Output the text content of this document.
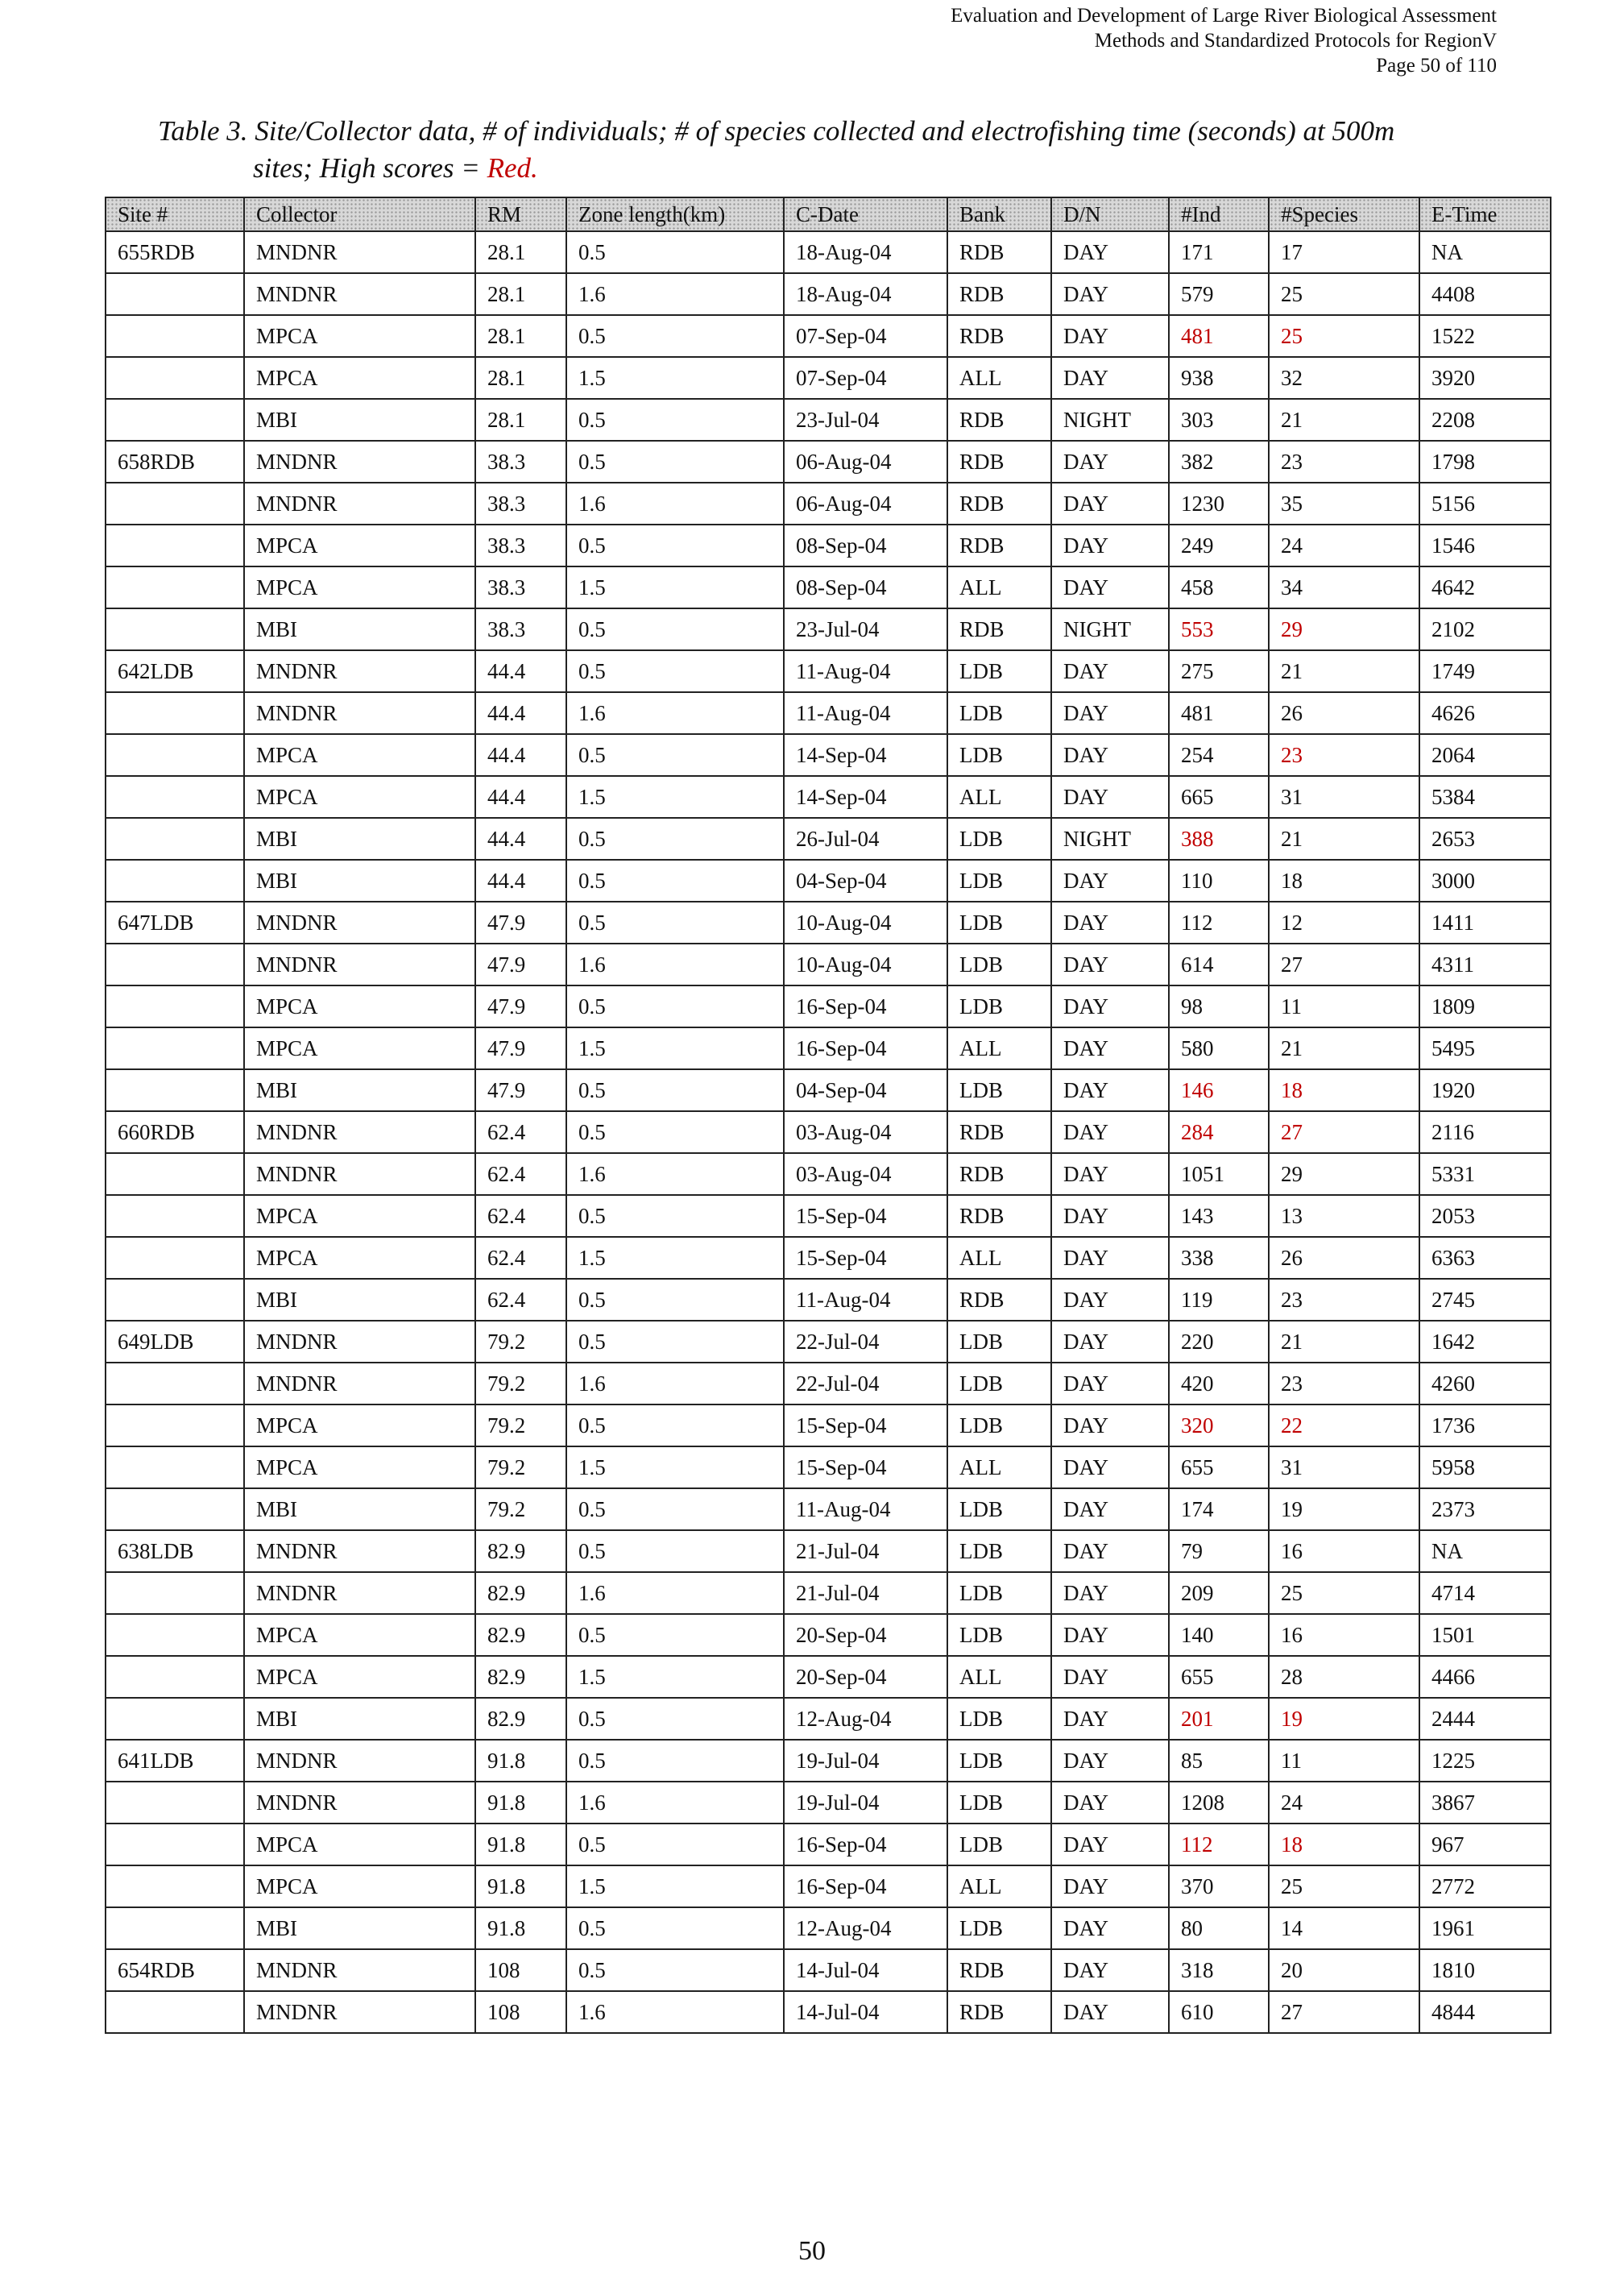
Evaluation and Development of Large River Biological Assessment
Methods and Standardized Protocols for RegionV
Page 50 of 110
Table 3. Site/Collector data, # of individuals; # of species collected and electrofishing time (seconds) at 500m
sites; High scores = Red.
Site #	Collector	RM	Zone length(km)	C-Date	Bank	D/N	#Ind	#Species	E-Time
655RDB	MNDNR	28.1	0.5	18-Aug-04	RDB	DAY	171	17	NA
	MNDNR	28.1	1.6	18-Aug-04	RDB	DAY	579	25	4408
	MPCA	28.1	0.5	07-Sep-04	RDB	DAY	481	25	1522
	MPCA	28.1	1.5	07-Sep-04	ALL	DAY	938	32	3920
	MBI	28.1	0.5	23-Jul-04	RDB	NIGHT	303	21	2208
658RDB	MNDNR	38.3	0.5	06-Aug-04	RDB	DAY	382	23	1798
	MNDNR	38.3	1.6	06-Aug-04	RDB	DAY	1230	35	5156
	MPCA	38.3	0.5	08-Sep-04	RDB	DAY	249	24	1546
	MPCA	38.3	1.5	08-Sep-04	ALL	DAY	458	34	4642
	MBI	38.3	0.5	23-Jul-04	RDB	NIGHT	553	29	2102
642LDB	MNDNR	44.4	0.5	11-Aug-04	LDB	DAY	275	21	1749
	MNDNR	44.4	1.6	11-Aug-04	LDB	DAY	481	26	4626
	MPCA	44.4	0.5	14-Sep-04	LDB	DAY	254	23	2064
	MPCA	44.4	1.5	14-Sep-04	ALL	DAY	665	31	5384
	MBI	44.4	0.5	26-Jul-04	LDB	NIGHT	388	21	2653
	MBI	44.4	0.5	04-Sep-04	LDB	DAY	110	18	3000
647LDB	MNDNR	47.9	0.5	10-Aug-04	LDB	DAY	112	12	1411
	MNDNR	47.9	1.6	10-Aug-04	LDB	DAY	614	27	4311
	MPCA	47.9	0.5	16-Sep-04	LDB	DAY	98	11	1809
	MPCA	47.9	1.5	16-Sep-04	ALL	DAY	580	21	5495
	MBI	47.9	0.5	04-Sep-04	LDB	DAY	146	18	1920
660RDB	MNDNR	62.4	0.5	03-Aug-04	RDB	DAY	284	27	2116
	MNDNR	62.4	1.6	03-Aug-04	RDB	DAY	1051	29	5331
	MPCA	62.4	0.5	15-Sep-04	RDB	DAY	143	13	2053
	MPCA	62.4	1.5	15-Sep-04	ALL	DAY	338	26	6363
	MBI	62.4	0.5	11-Aug-04	RDB	DAY	119	23	2745
649LDB	MNDNR	79.2	0.5	22-Jul-04	LDB	DAY	220	21	1642
	MNDNR	79.2	1.6	22-Jul-04	LDB	DAY	420	23	4260
	MPCA	79.2	0.5	15-Sep-04	LDB	DAY	320	22	1736
	MPCA	79.2	1.5	15-Sep-04	ALL	DAY	655	31	5958
	MBI	79.2	0.5	11-Aug-04	LDB	DAY	174	19	2373
638LDB	MNDNR	82.9	0.5	21-Jul-04	LDB	DAY	79	16	NA
	MNDNR	82.9	1.6	21-Jul-04	LDB	DAY	209	25	4714
	MPCA	82.9	0.5	20-Sep-04	LDB	DAY	140	16	1501
	MPCA	82.9	1.5	20-Sep-04	ALL	DAY	655	28	4466
	MBI	82.9	0.5	12-Aug-04	LDB	DAY	201	19	2444
641LDB	MNDNR	91.8	0.5	19-Jul-04	LDB	DAY	85	11	1225
	MNDNR	91.8	1.6	19-Jul-04	LDB	DAY	1208	24	3867
	MPCA	91.8	0.5	16-Sep-04	LDB	DAY	112	18	967
	MPCA	91.8	1.5	16-Sep-04	ALL	DAY	370	25	2772
	MBI	91.8	0.5	12-Aug-04	LDB	DAY	80	14	1961
654RDB	MNDNR	108	0.5	14-Jul-04	RDB	DAY	318	20	1810
	MNDNR	108	1.6	14-Jul-04	RDB	DAY	610	27	4844
50
